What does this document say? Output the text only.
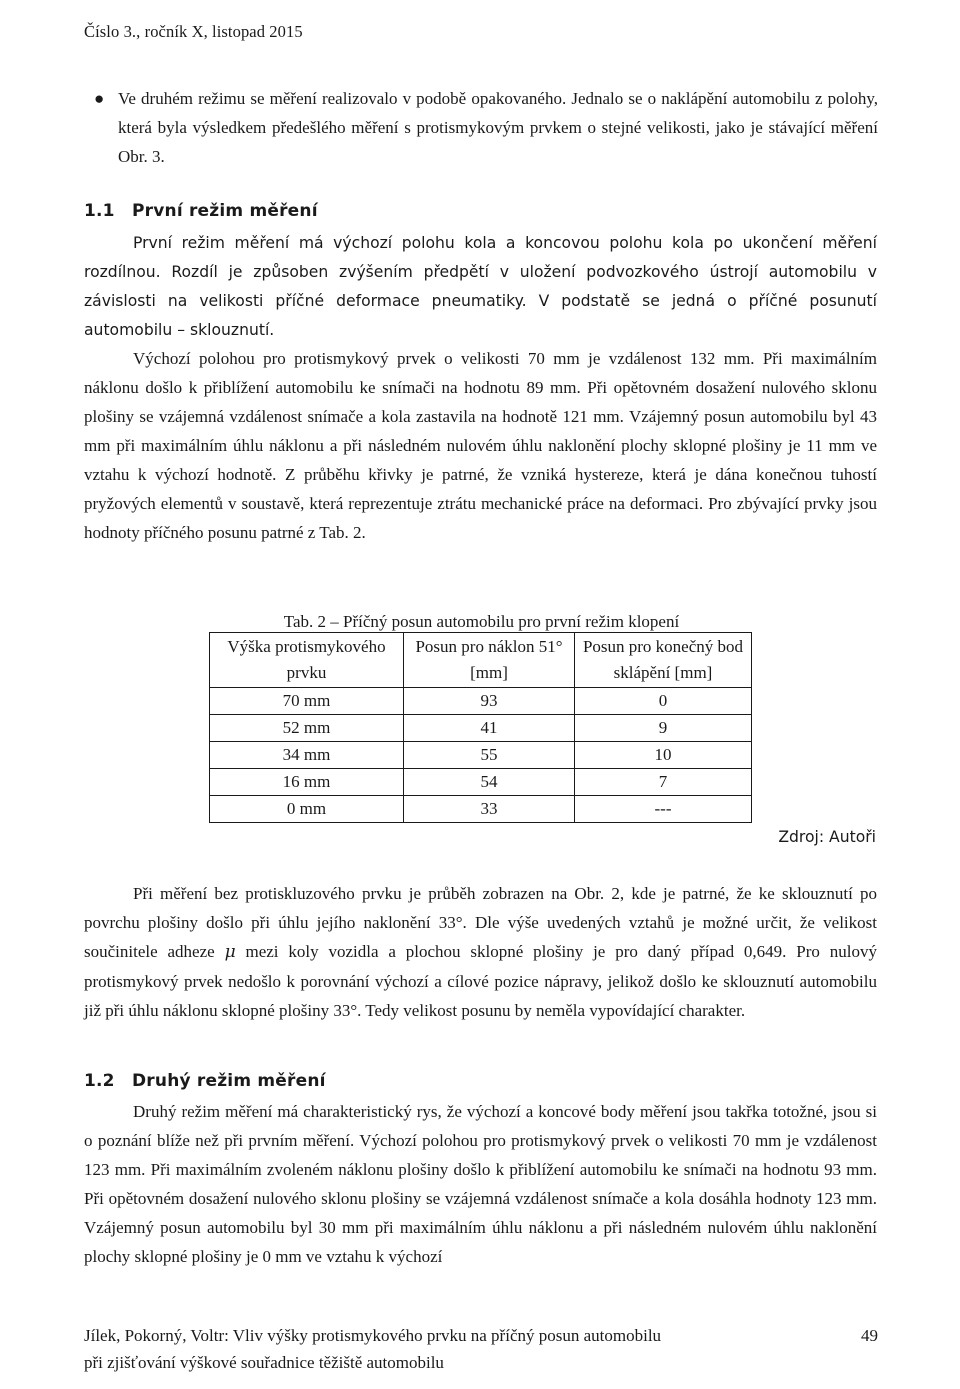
Číslo 3., ročník X, listopad 2015
● Ve druhém režimu se měření realizovalo v podobě opakovaného. Jednalo se o naklápění automobilu z polohy, která byla výsledkem předešlého měření s protismykovým prvkem o stejné velikosti, jako je stávající měření Obr. 3.
1.1 První režim měření

První režim měření má výchozí polohu kola a koncovou polohu kola po ukončení měření rozdílnou. Rozdíl je způsoben zvýšením předpětí v uložení podvozkového ústrojí automobilu v závislosti na velikosti příčné deformace pneumatiky. V podstatě se jedná o příčné posunutí automobilu – sklouznutí.

Výchozí polohou pro protismykový prvek o velikosti 70 mm je vzdálenost 132 mm. Při maximálním náklonu došlo k přiblížení automobilu ke snímači na hodnotu 89 mm. Při opětovném dosažení nulového sklonu plošiny se vzájemná vzdálenost snímače a kola zastavila na hodnotě 121 mm. Vzájemný posun automobilu byl 43 mm při maximálním úhlu náklonu a při následném nulovém úhlu naklonění plochy sklopné plošiny je 11 mm ve vztahu k výchozí hodnotě. Z průběhu křivky je patrné, že vzniká hystereze, která je dána konečnou tuhostí pryžových elementů v soustavě, která reprezentuje ztrátu mechanické práce na deformaci. Pro zbývající prvky jsou hodnoty příčného posunu patrné z Tab. 2.

Tab. 2 – Příčný posun automobilu pro první režim klopení
Výška protismykového prvku	Posun pro náklon 51° [mm]	Posun pro konečný bod sklápění [mm]
70 mm	93	0
52 mm	41	9
34 mm	55	10
16 mm	54	7
0 mm	33	---
Zdroj: Autoři

Při měření bez protiskluzového prvku je průběh zobrazen na Obr. 2, kde je patrné, že ke sklouznutí po povrchu plošiny došlo při úhlu jejího naklonění 33°. Dle výše uvedených vztahů je možné určit, že velikost součinitele adheze μ mezi koly vozidla a plochou sklopné plošiny je pro daný případ 0,649. Pro nulový protismykový prvek nedošlo k porovnání výchozí a cílové pozice nápravy, jelikož došlo ke sklouznutí automobilu již při úhlu náklonu sklopné plošiny 33°. Tedy velikost posunu by neměla vypovídající charakter.

1.2 Druhý režim měření

Druhý režim měření má charakteristický rys, že výchozí a koncové body měření jsou takřka totožné, jsou si o poznání blíže než při prvním měření. Výchozí polohou pro protismykový prvek o velikosti 70 mm je vzdálenost 123 mm. Při maximálním zvoleném náklonu plošiny došlo k přiblížení automobilu ke snímači na hodnotu 93 mm. Při opětovném dosažení nulového sklonu plošiny se vzájemná vzdálenost snímače a kola dosáhla hodnoty 123 mm. Vzájemný posun automobilu byl 30 mm při maximálním úhlu náklonu a při následném nulovém úhlu naklonění plochy sklopné plošiny je 0 mm ve vztahu k výchozí

Jílek, Pokorný, Voltr: Vliv výšky protismykového prvku na příčný posun automobilu
při zjišťování výškové souřadnice těžiště automobilu
49
